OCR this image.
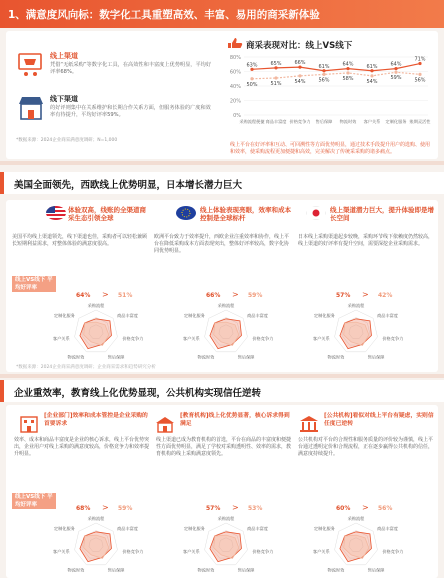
1、满意度风向标：数字化工具重塑高效、丰富、易用的商采新体验
线上渠道
凭借“无纸采购”等数字化工具，在高效性和丰富度上优势明显，平均好评率68%。
线下渠道
的好评则集中在关系维护和长期合作关系方面，但服务体验的广度和效率有待提升，平均好评率59%。
*数据来源：2024企业商采满意度调研；N=1,000
商采表现对比：线上VS线下
80%
60%
40%
20%
0%
63%	65%	66%
61%	64%	61%	64%
71%
50%	51%	54%	56%	58%	54%
59%	56%
采购流程便捷 商品丰富度 价格竞争力 售后保障 物流时效 客户关系 定制化服务 账期灵活性
线上平台在好评率和互动、可回溯性等方面优势明显，通过技术手段提升用户的选购、使用和效率，使采购流程更加便捷和高效，完美解决了传统采采购的诸多痛点。
美国全面领先，西欧线上优势明显，日本增长潜力巨大
体验双高，线账的全渠道商采生态引领全球
美国平均线上渠道领先，线下渠道也佳，采购者可以轻松兼顾长短期利益需求，对整体体验的满意度很高。
线上体验表现亮眼，效率和成本控制是全球标杆
欧洲平台致力于效率提升，西欧企业注重效率和协作，线上平台在降低采购成本方面表现突出，整体好评率较高，数字化协同优势明显。
线上渠道潜力巨大，提升体验即是增长空间
日本线上采购渠道起步较晚，采购环节线下依赖度仍然较高，线上渠道的好评率有提升空间，需要深挖企业采购需求。
线上VS线下 平均好评率
64% > 51%	66% > 59%	57% > 42%
采购流程
商品丰富度
价格竞争力
售后保障
物流时效
客户关系
定制化服务
采购流程
商品丰富度
价格竞争力
售后保障
物流时效
客户关系
定制化服务
采购流程
商品丰富度
价格竞争力
售后保障
物流时效
客户关系
定制化服务
*数据来源：2024企业商采满意度调研；企业商采需求和趋势研究分析
企业重效率，教育线上化优势显现，公共机构实现信任逆转
[企业部门]效率和成本管控是企业采购的首要诉求
效率、成本和商品丰富度是企业的核心诉求，线上平台优势突出，企业用户对线上采购的满意度较高，价格竞争力和效率提升明显。
[教育机构]线上化优势显著，核心诉求得到满足
线上渠道已成为教育机构的首选，平台在商品的丰富度和便捷性方面优势明显，满足了学校对采购透明性、效率的需求，教育机构的线上采购满意度领先。
[公共机构]看似对线上平台有疑虑，实则信任度已逆转
公共机构对平台的合规性和服务质量的评价较为谨慎，线上平台通过透明定价和合规流程，正在逐步赢得公共机构的信任，满意度持续提升。
线上VS线下 平均好评率	68% > 59%	57% > 53%	60% > 56%
采购流程
商品丰富度
价格竞争力
售后保障
物流时效
客户关系
定制化服务
采购流程
商品丰富度
价格竞争力
售后保障
物流时效
客户关系
定制化服务
采购流程
商品丰富度
价格竞争力
售后保障
物流时效
客户关系
定制化服务
